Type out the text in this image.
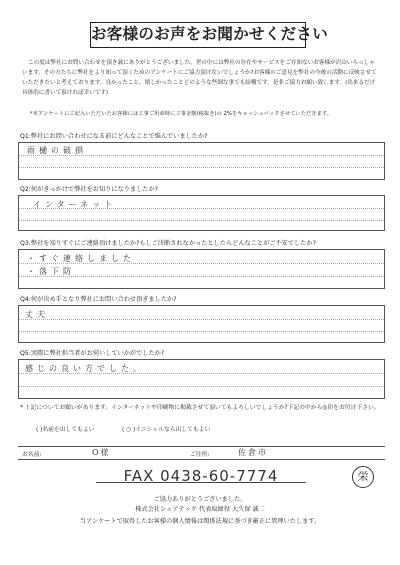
お客様のお声をお聞かせください
この度は弊社にお問い合わせを頂き誠にありがとうございました。世の中には弊社の存在やサービスをご存知ないお客様が沢山いらっしゃいます。その方たちに弊社をより知って頂くためのアンケートにご協力頂けないでしょうか?お客様のご意見を弊社の今後の活動に反映させていただきたいと考えております。良かったこと、嬉しかったことどのような些細な事でも結構です。是非ご協力お願い致します。(出来るだけ具体的に書いて頂ければ幸いです)
*本アンケートにご記入いただいたお客様には工事ご用命時に工事金額(税抜き)の 2%をキャッシュバックさせていただきます。
Q1:弊社にお問い合わせになる前にどんなことで悩んでいましたか?
雨樋の破損
Q2:何がきっかけで弊社をお知りになりましたか?
インターネット
Q3:弊社を知りすぐにご連絡頂けましたか?もしご決断されなかったとしたらどんなことがご不安でしたか?
・すぐ連絡しました
・落下防
Q4:何が決め手となり弊社にお問い合わせ頂きましたか?
丈夫
Q5:実際に弊社担当者がお伺いしていかがでしたか?
感じの良い方でした。
* 上記についてお願いがあります。インターネットや印刷物に掲載させて頂いてもよろしいでしょうか?下記の中から◎印をお付け下さい。
( )名前を出してもよい	( ○ )イニシャルなら出してもよい
お名前:	O様	ご住所:	佐倉市
FAX 0438-60-7774	栄
ご協力ありがとうございました。
株式会社シェアテック 代表取締役 大久保 誠二
当アンケートで取得したお客様の個人情報は関係法規に基づき厳正に管理いたします。
